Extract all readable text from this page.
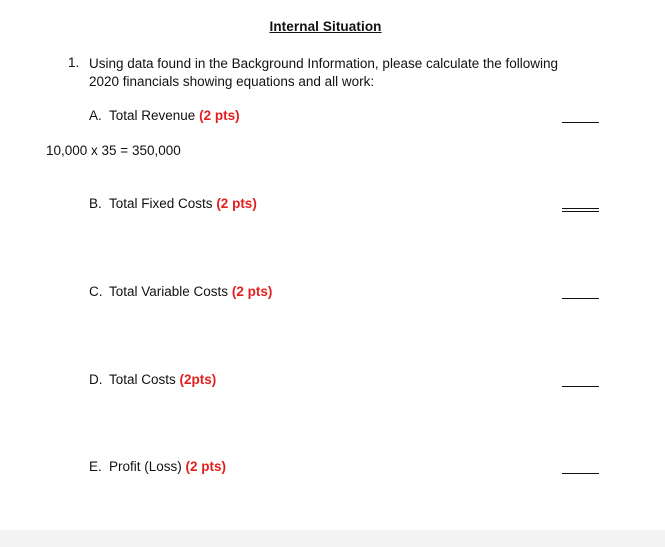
Internal Situation
1. Using data found in the Background Information, please calculate the following 2020 financials showing equations and all work:
A. Total Revenue (2 pts)
10,000 x 35 = 350,000
B. Total Fixed Costs (2 pts)
C. Total Variable Costs (2 pts)
D. Total Costs (2pts)
E. Profit (Loss) (2 pts)
